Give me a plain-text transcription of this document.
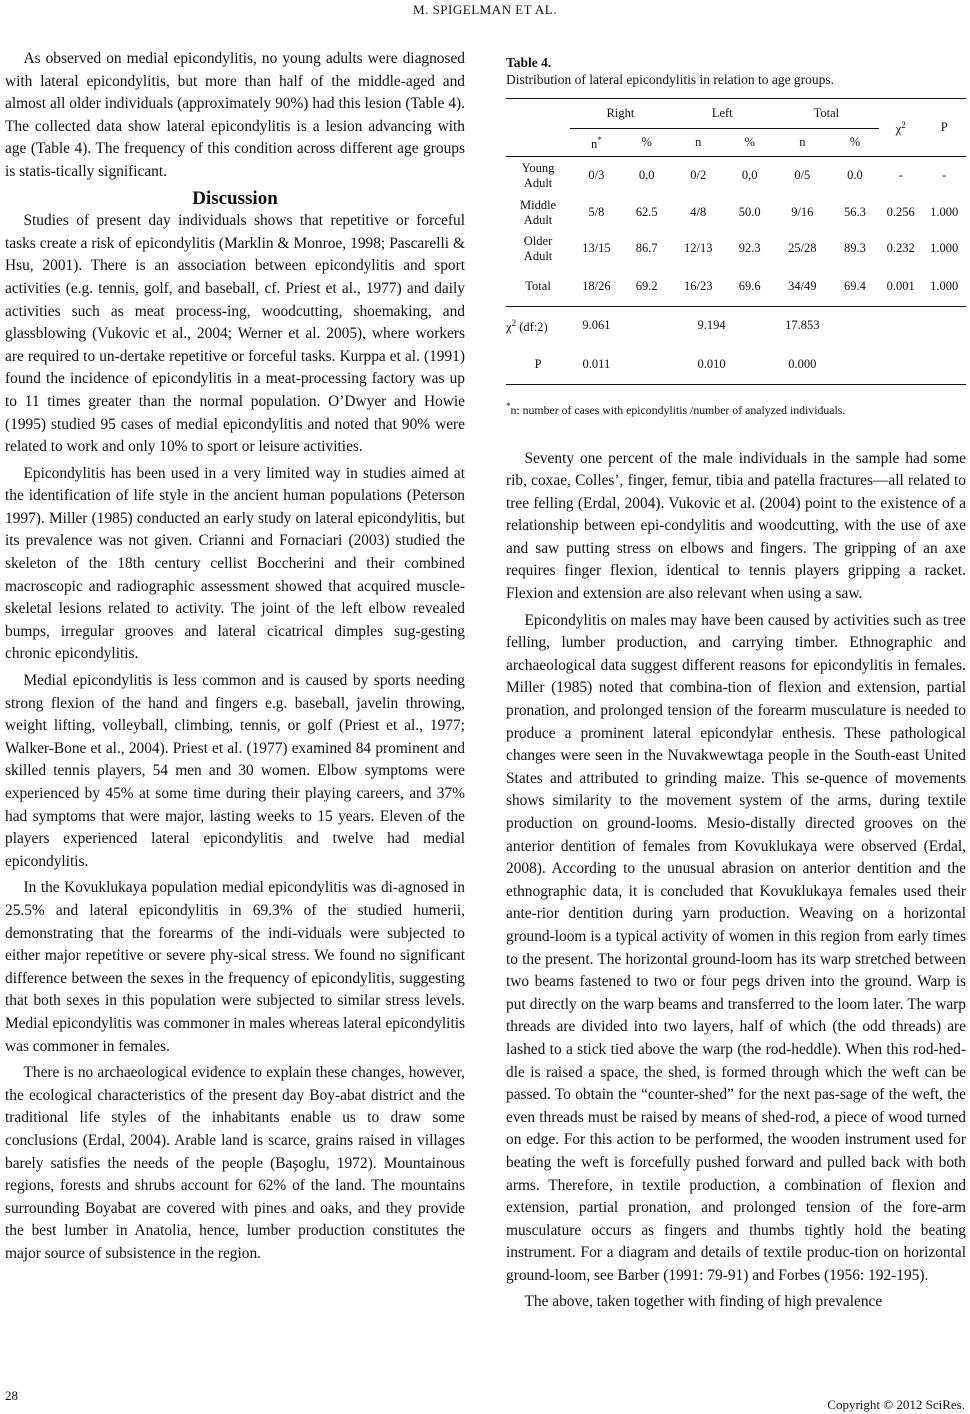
M. SPIGELMAN ET AL.

As observed on medial epicondylitis, no young adults were diagnosed with lateral epicondylitis, but more than half of the middle-aged and almost all older individuals (approximately 90%) had this lesion (Table 4). The collected data show lateral epicondylitis is a lesion advancing with age (Table 4). The frequency of this condition across different age groups is statis-tically significant.

Discussion

Studies of present day individuals shows that repetitive or forceful tasks create a risk of epicondylitis (Marklin & Monroe, 1998; Pascarelli & Hsu, 2001). There is an association between epicondylitis and sport activities (e.g. tennis, golf, and baseball, cf. Priest et al., 1977) and daily activities such as meat process-ing, woodcutting, shoemaking, and glassblowing (Vukovic et al., 2004; Werner et al. 2005), where workers are required to un-dertake repetitive or forceful tasks. Kurppa et al. (1991) found the incidence of epicondylitis in a meat-processing factory was up to 11 times greater than the normal population. O’Dwyer and Howie (1995) studied 95 cases of medial epicondylitis and noted that 90% were related to work and only 10% to sport or leisure activities.

Epicondylitis has been used in a very limited way in studies aimed at the identification of life style in the ancient human populations (Peterson 1997). Miller (1985) conducted an early study on lateral epicondylitis, but its prevalence was not given. Crianni and Fornaciari (2003) studied the skeleton of the 18th century cellist Boccherini and their combined macroscopic and radiographic assessment showed that acquired muscle-skeletal lesions related to activity. The joint of the left elbow revealed bumps, irregular grooves and lateral cicatrical dimples sug-gesting chronic epicondylitis.

Medial epicondylitis is less common and is caused by sports needing strong flexion of the hand and fingers e.g. baseball, javelin throwing, weight lifting, volleyball, climbing, tennis, or golf (Priest et al., 1977; Walker-Bone et al., 2004). Priest et al. (1977) examined 84 prominent and skilled tennis players, 54 men and 30 women. Elbow symptoms were experienced by 45% at some time during their playing careers, and 37% had symptoms that were major, lasting weeks to 15 years. Eleven of the players experienced lateral epicondylitis and twelve had medial epicondylitis.

In the Kovuklukaya population medial epicondylitis was di-agnosed in 25.5% and lateral epicondylitis in 69.3% of the studied humerii, demonstrating that the forearms of the indi-viduals were subjected to either major repetitive or severe phy-sical stress. We found no significant difference between the sexes in the frequency of epicondylitis, suggesting that both sexes in this population were subjected to similar stress levels. Medial epicondylitis was commoner in males whereas lateral epicondylitis was commoner in females.

There is no archaeological evidence to explain these changes, however, the ecological characteristics of the present day Boy-abat district and the traditional life styles of the inhabitants enable us to draw some conclusions (Erdal, 2004). Arable land is scarce, grains raised in villages barely satisfies the needs of the people (Başoglu, 1972). Mountainous regions, forests and shrubs account for 62% of the land. The mountains surrounding Boyabat are covered with pines and oaks, and they provide the best lumber in Anatolia, hence, lumber production constitutes the major source of subsistence in the region.

Table 4.
Distribution of lateral epicondylitis in relation to age groups.
	Right		Left		Total		$\chi^2$	P
	n*	%	n	%	n	%		
Young
Adult	0/3	0,0	0/2	0,0	0/5	0.0	-	-
Middle
Adult	5/8	62.5	4/8	50.0	9/16	56.3	0.256	1.000
Older
Adult	13/15	86.7	12/13	92.3	25/28	89.3	0.232	1.000
Total	18/26	69.2	16/23	69.6	34/49	69.4	0.001	1.000
$\chi^2$ (df:2)	9.061		9.194		17.853			
P	0.011		0.010		0.000			
*n: number of cases with epicondylitis /number of analyzed individuals.

Seventy one percent of the male individuals in the sample had some rib, coxae, Colles’, finger, femur, tibia and patella fractures—all related to tree felling (Erdal, 2004). Vukovic et al. (2004) point to the existence of a relationship between epi-condylitis and woodcutting, with the use of axe and saw putting stress on elbows and fingers. The gripping of an axe requires finger flexion, identical to tennis players gripping a racket. Flexion and extension are also relevant when using a saw.

Epicondylitis on males may have been caused by activities such as tree felling, lumber production, and carrying timber. Ethnographic and archaeological data suggest different reasons for epicondylitis in females. Miller (1985) noted that combina-tion of flexion and extension, partial pronation, and prolonged tension of the forearm musculature is needed to produce a prominent lateral epicondylar enthesis. These pathological changes were seen in the Nuvakwewtaga people in the South-east United States and attributed to grinding maize. This se-quence of movements shows similarity to the movement system of the arms, during textile production on ground-looms. Mesio-distally directed grooves on the anterior dentition of females from Kovuklukaya were observed (Erdal, 2008). According to the unusual abrasion on anterior dentition and the ethnographic data, it is concluded that Kovuklukaya females used their ante-rior dentition during yarn production. Weaving on a horizontal ground-loom is a typical activity of women in this region from early times to the present. The horizontal ground-loom has its warp stretched between two beams fastened to two or four pegs driven into the ground. Warp is put directly on the warp beams and transferred to the loom later. The warp threads are divided into two layers, half of which (the odd threads) are lashed to a stick tied above the warp (the rod-heddle). When this rod-hed-dle is raised a space, the shed, is formed through which the weft can be passed. To obtain the “counter-shed” for the next pas-sage of the weft, the even threads must be raised by means of shed-rod, a piece of wood turned on edge. For this action to be performed, the wooden instrument used for beating the weft is forcefully pushed forward and pulled back with both arms. Therefore, in textile production, a combination of flexion and extension, partial pronation, and prolonged tension of the fore-arm musculature occurs as fingers and thumbs tightly hold the beating instrument. For a diagram and details of textile produc-tion on horizontal ground-loom, see Barber (1991: 79-91) and Forbes (1956: 192-195).

The above, taken together with finding of high prevalence

28
Copyright © 2012 SciRes.
